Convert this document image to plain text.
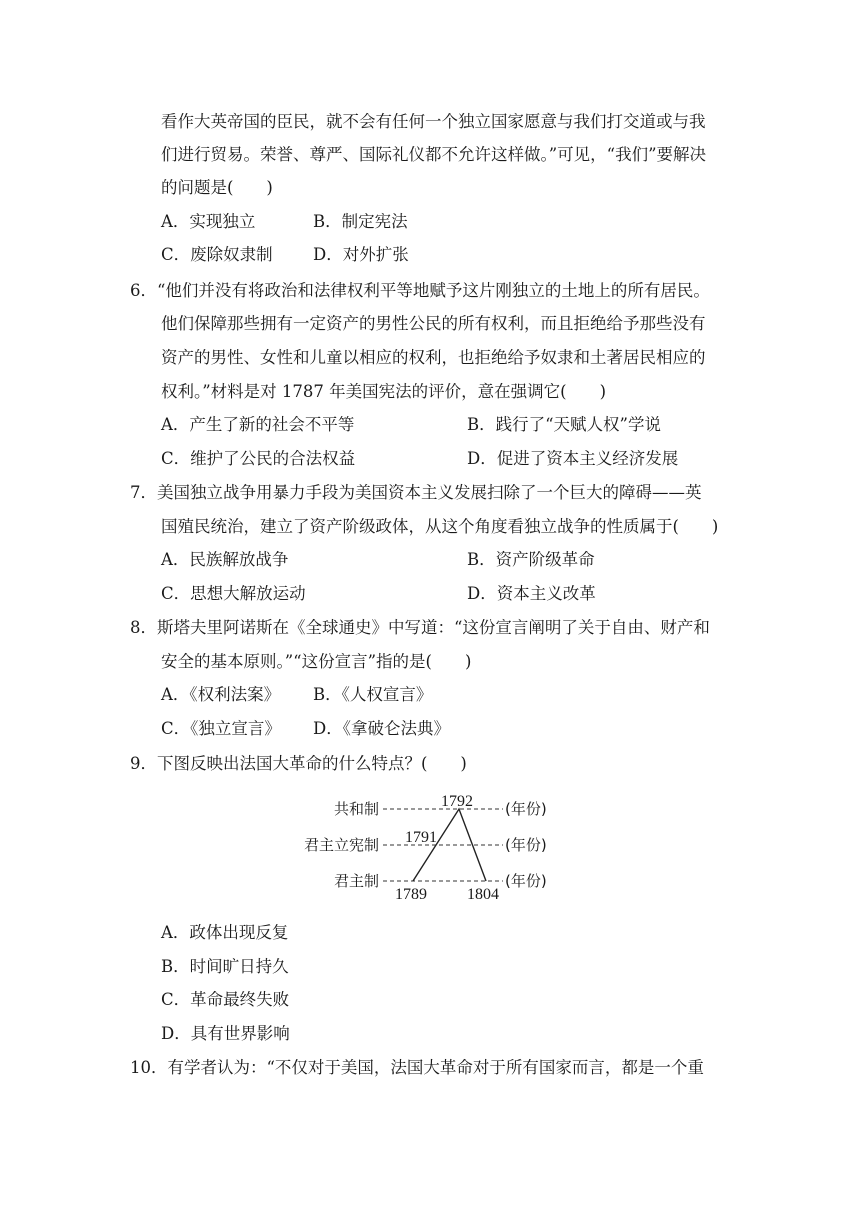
看作大英帝国的臣民，就不会有任何一个独立国家愿意与我们打交道或与我
们进行贸易。荣誉、尊严、国际礼仪都不允许这样做。”可见，“我们”要解决
的问题是(　　)
A．实现独立	B．制定宪法
C．废除奴隶制 D．对外扩张
6．“他们并没有将政治和法律权利平等地赋予这片刚独立的土地上的所有居民。
他们保障那些拥有一定资产的男性公民的所有权利，而且拒绝给予那些没有
资产的男性、女性和儿童以相应的权利，也拒绝给予奴隶和土著居民相应的
权利。”材料是对 1787 年美国宪法的评价，意在强调它(　　)
A．产生了新的社会不平等	B．践行了“天赋人权”学说
C．维护了公民的合法权益	D．促进了资本主义经济发展
7．美国独立战争用暴力手段为美国资本主义发展扫除了一个巨大的障碍——英
国殖民统治，建立了资产阶级政体，从这个角度看独立战争的性质属于(　　)
A．民族解放战争	B．资产阶级革命
C．思想大解放运动	D．资本主义改革
8．斯塔夫里阿诺斯在《全球通史》中写道：“这份宣言阐明了关于自由、财产和
安全的基本原则。”“这份宣言”指的是(　　)
A．《权利法案》 B．《人权宣言》
C．《独立宣言》 D．《拿破仑法典》
9．下图反映出法国大革命的什么特点？(　　)
共和制
君主立宪制
君主制
(年份)
(年份)
(年份)
1792
1791
1789	1804
A．政体出现反复
B．时间旷日持久
C．革命最终失败
D．具有世界影响
10．有学者认为：“不仅对于美国，法国大革命对于所有国家而言，都是一个重
